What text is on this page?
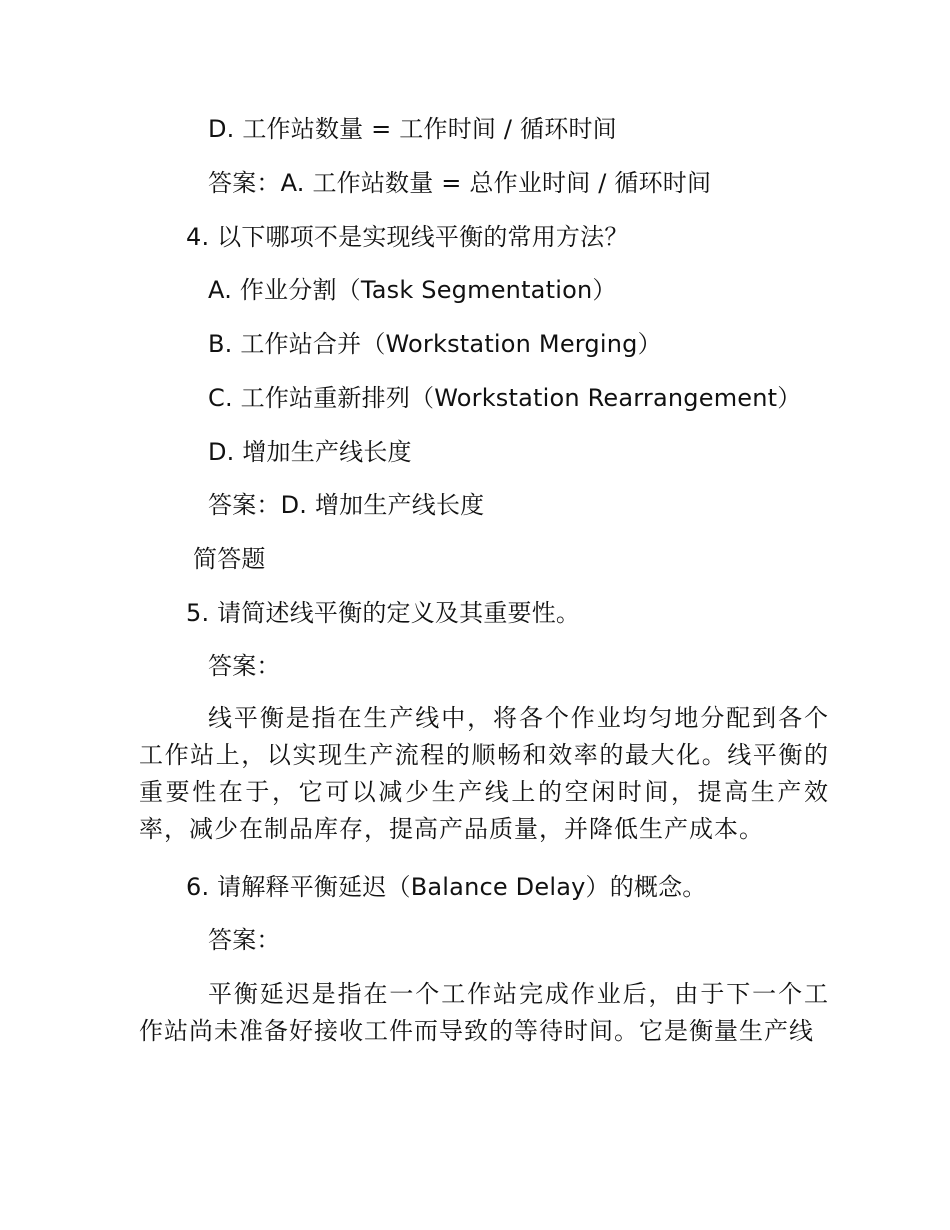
D. 工作站数量 = 工作时间 / 循环时间
答案：A. 工作站数量 = 总作业时间 / 循环时间
4. 以下哪项不是实现线平衡的常用方法？
A. 作业分割（Task Segmentation）
B. 工作站合并（Workstation Merging）
C. 工作站重新排列（Workstation Rearrangement）
D. 增加生产线长度
答案：D. 增加生产线长度
简答题
5. 请简述线平衡的定义及其重要性。
答案：
线平衡是指在生产线中，将各个作业均匀地分配到各个工作站上，以实现生产流程的顺畅和效率的最大化。线平衡的重要性在于，它可以减少生产线上的空闲时间，提高生产效率，减少在制品库存，提高产品质量，并降低生产成本。
6. 请解释平衡延迟（Balance Delay）的概念。
答案：
平衡延迟是指在一个工作站完成作业后，由于下一个工作站尚未准备好接收工件而导致的等待时间。它是衡量生产线
